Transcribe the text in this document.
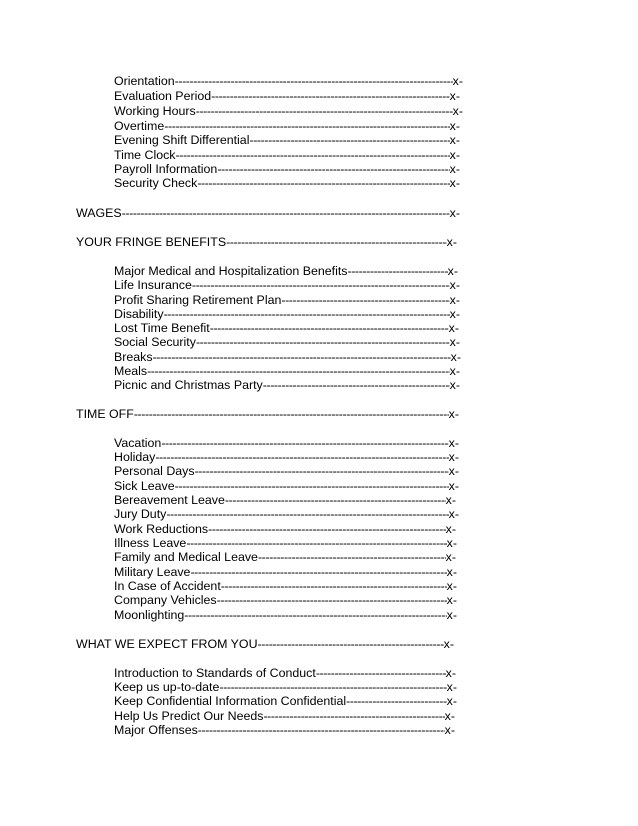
Orientation -----	x-
Evaluation Period -----	x-
Working Hours -----	x-
Overtime -----	x-
Evening Shift Differential -----	x-
Time Clock -----	x-
Payroll Information -----	x-
Security Check -----	x-
WAGES -----	x-
YOUR FRINGE BENEFITS -----	x-
Major Medical and Hospitalization Benefits -----	x-
Life Insurance -----	x-
Profit Sharing Retirement Plan -----	x-
Disability -----	x-
Lost Time Benefit -----	x-
Social Security -----	x-
Breaks -----	x-
Meals -----	x-
Picnic and Christmas Party -----	x-
TIME OFF -----	x-
Vacation -----	x-
Holiday -----	x-
Personal Days -----	x-
Sick Leave -----	x-
Bereavement Leave -----	x-
Jury Duty -----	x-
Work Reductions -----	x-
Illness Leave -----	x-
Family and Medical Leave -----	x-
Military Leave -----	x-
In Case of Accident -----	x-
Company Vehicles -----	x-
Moonlighting -----	x-
WHAT WE EXPECT FROM YOU -----	x-
Introduction to Standards of Conduct -----	x-
Keep us up-to-date -----	x-
Keep Confidential Information Confidential -----	x-
Help Us Predict Our Needs -----	x-
Major Offenses -----	x-
